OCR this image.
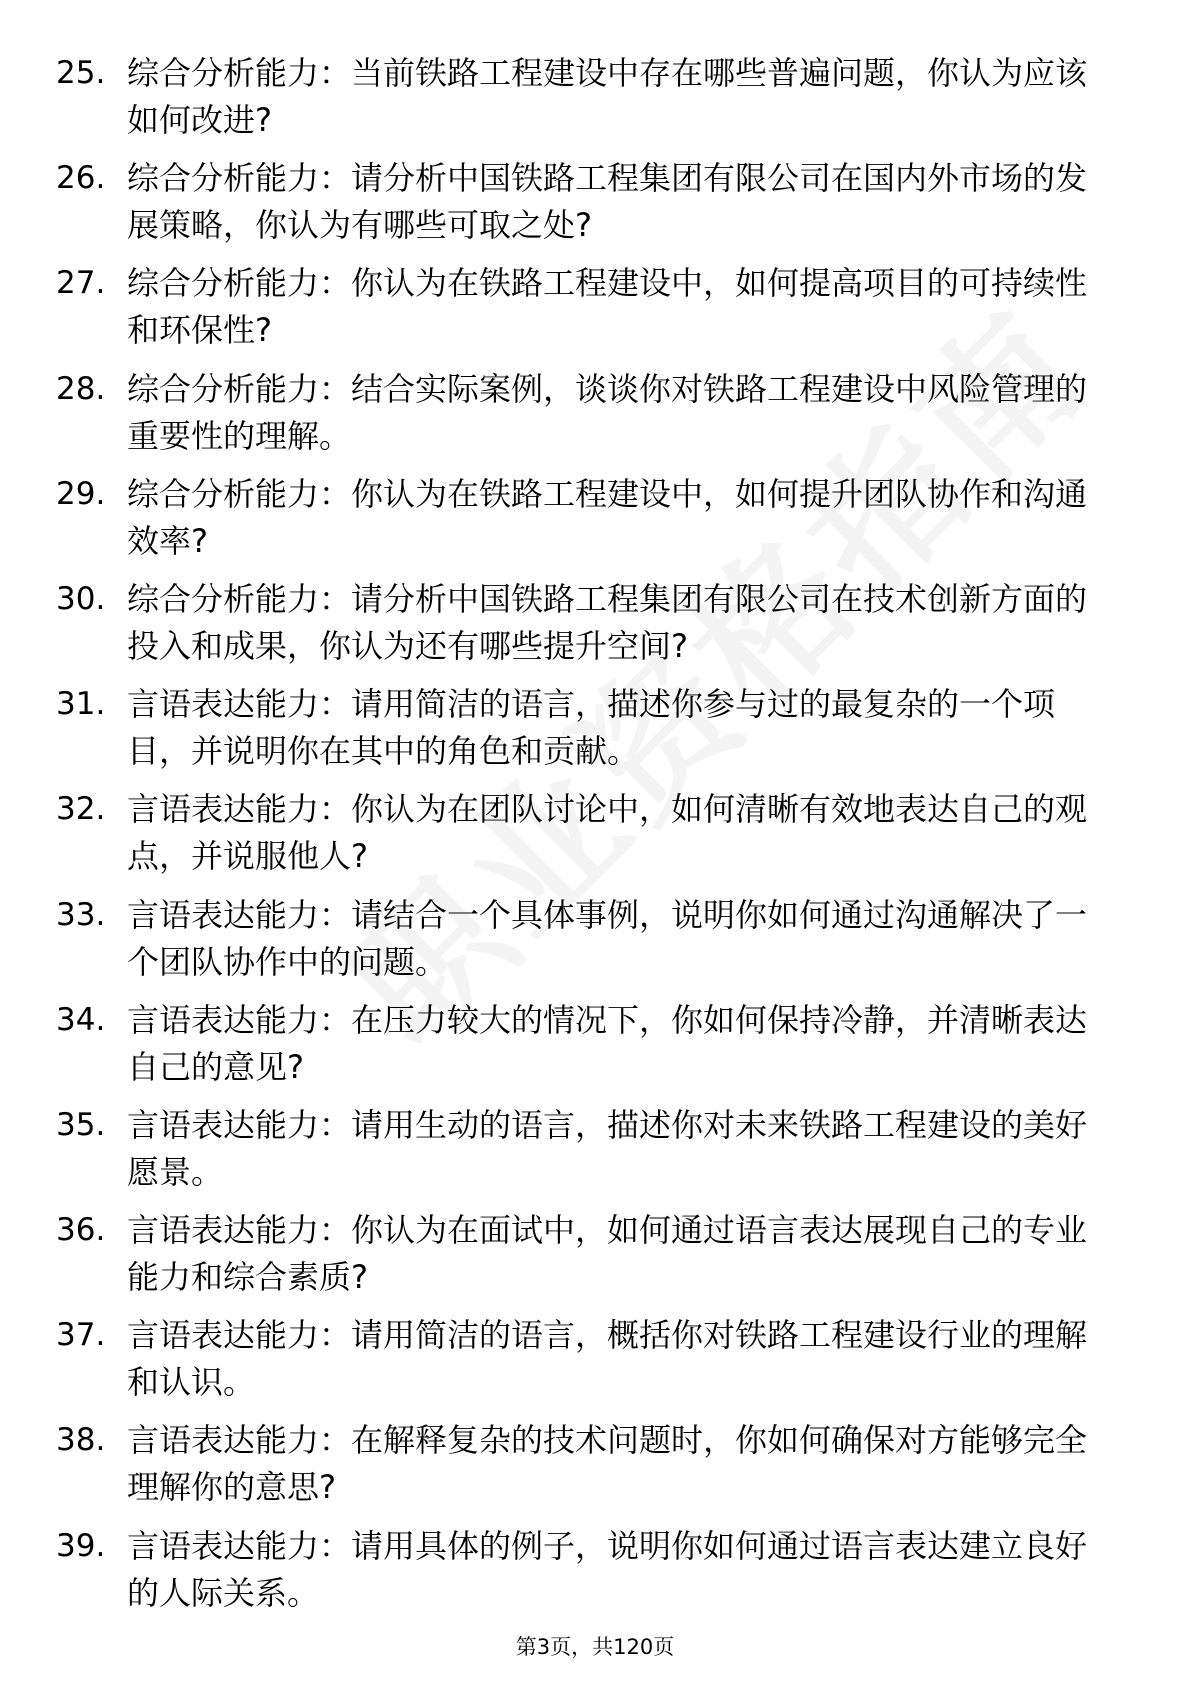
25. 综合分析能力：当前铁路工程建设中存在哪些普遍问题，你认为应该如何改进?
26. 综合分析能力：请分析中国铁路工程集团有限公司在国内外市场的发展策略，你认为有哪些可取之处?
27. 综合分析能力：你认为在铁路工程建设中，如何提高项目的可持续性和环保性?
28. 综合分析能力：结合实际案例，谈谈你对铁路工程建设中风险管理的重要性的理解。
29. 综合分析能力：你认为在铁路工程建设中，如何提升团队协作和沟通效率?
30. 综合分析能力：请分析中国铁路工程集团有限公司在技术创新方面的投入和成果，你认为还有哪些提升空间?
31. 言语表达能力：请用简洁的语言，描述你参与过的最复杂的一个项目，并说明你在其中的角色和贡献。
32. 言语表达能力：你认为在团队讨论中，如何清晰有效地表达自己的观点，并说服他人?
33. 言语表达能力：请结合一个具体事例，说明你如何通过沟通解决了一个团队协作中的问题。
34. 言语表达能力：在压力较大的情况下，你如何保持冷静，并清晰表达自己的意见?
35. 言语表达能力：请用生动的语言，描述你对未来铁路工程建设的美好愿景。
36. 言语表达能力：你认为在面试中，如何通过语言表达展现自己的专业能力和综合素质?
37. 言语表达能力：请用简洁的语言，概括你对铁路工程建设行业的理解和认识。
38. 言语表达能力：在解释复杂的技术问题时，你如何确保对方能够完全理解你的意思?
39. 言语表达能力：请用具体的例子，说明你如何通过语言表达建立良好的人际关系。
第3页，共120页
